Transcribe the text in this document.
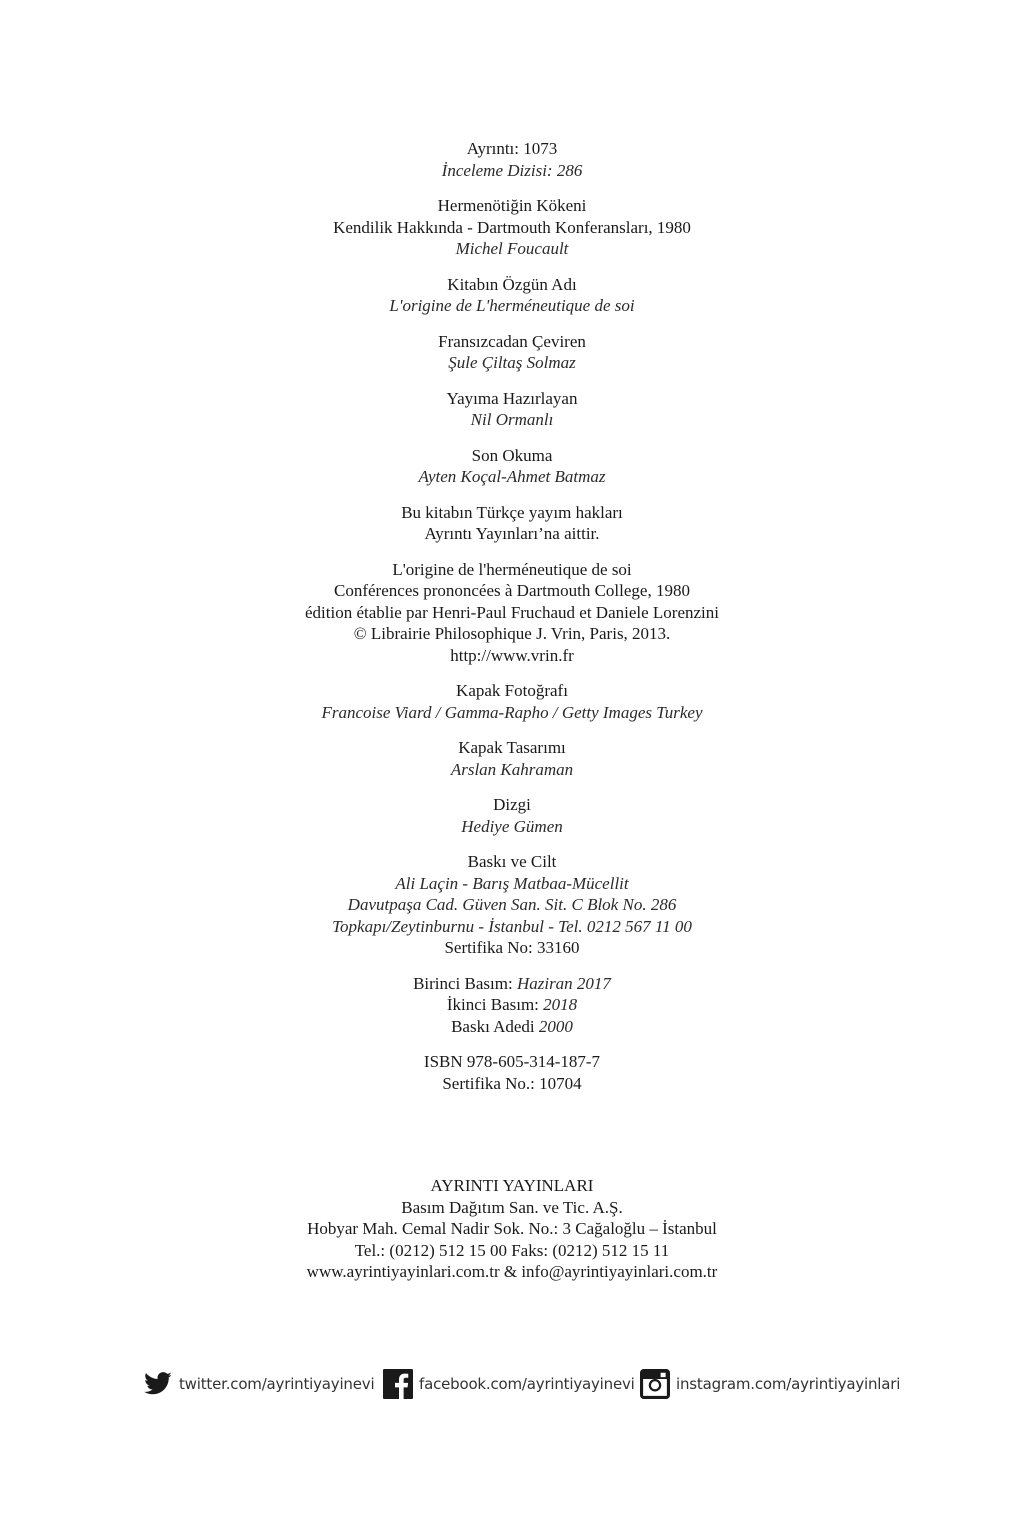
Ayrıntı: 1073
İnceleme Dizisi: 286
Hermenötiğin Kökeni
Kendilik Hakkında - Dartmouth Konferansları, 1980
Michel Foucault
Kitabın Özgün Adı
L'origine de L'herméneutique de soi
Fransızcadan Çeviren
Şule Çiltaş Solmaz
Yayıma Hazırlayan
Nil Ormanlı
Son Okuma
Ayten Koçal-Ahmet Batmaz
Bu kitabın Türkçe yayım hakları
Ayrıntı Yayınları’na aittir.
L'origine de l'herméneutique de soi
Conférences prononcées à Dartmouth College, 1980
édition établie par Henri-Paul Fruchaud et Daniele Lorenzini
© Librairie Philosophique J. Vrin, Paris, 2013.
http://www.vrin.fr
Kapak Fotoğrafı
Francoise Viard / Gamma-Rapho / Getty Images Turkey
Kapak Tasarımı
Arslan Kahraman
Dizgi
Hediye Gümen
Baskı ve Cilt
Ali Laçin - Barış Matbaa-Mücellit
Davutpaşa Cad. Güven San. Sit. C Blok No. 286
Topkapı/Zeytinburnu - İstanbul - Tel. 0212 567 11 00
Sertifika No: 33160
Birinci Basım: Haziran 2017
İkinci Basım: 2018
Baskı Adedi 2000
ISBN 978-605-314-187-7
Sertifika No.: 10704
AYRINTI YAYINLARI
Basım Dağıtım San. ve Tic. A.Ş.
Hobyar Mah. Cemal Nadir Sok. No.: 3 Cağaloğlu – İstanbul
Tel.: (0212) 512 15 00 Faks: (0212) 512 15 11
www.ayrintiyayinlari.com.tr & info@ayrintiyayinlari.com.tr
twitter.com/ayrintiyayinevi	facebook.com/ayrintiyayinevi	instagram.com/ayrintiyayinlari
